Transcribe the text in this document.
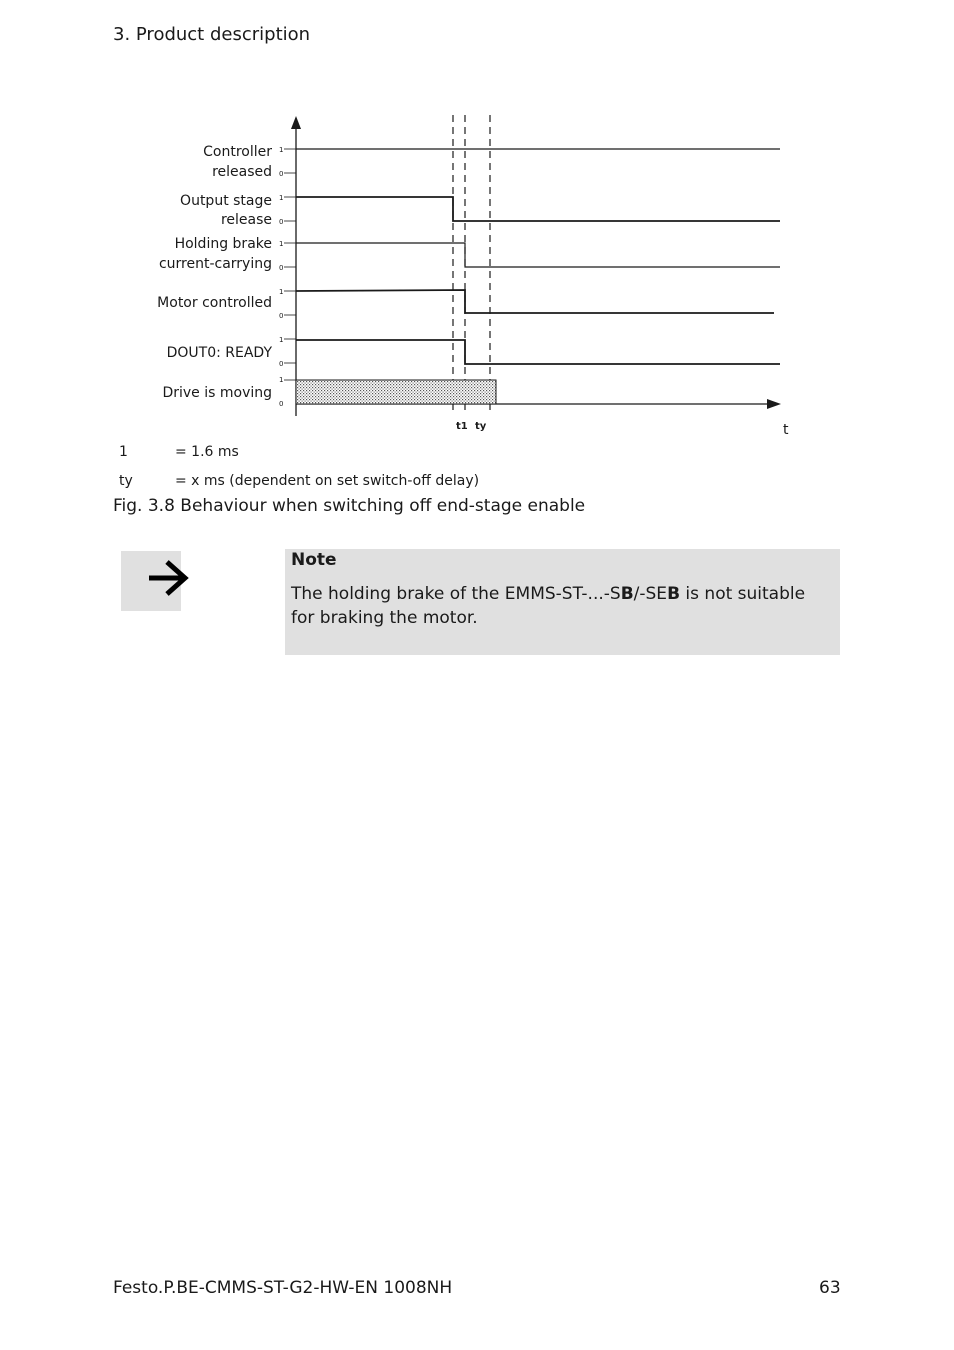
3. Product description
Controller
released
1
0
Output stage
release
1
0
Holding brake
current-carrying
1
0
Motor controlled
1
0
DOUT0: READY
1
0
Drive is moving
1
0
t1 ty	t
1	= 1.6 ms
ty	= x ms (dependent on set switch-off delay)
Fig. 3.8 Behaviour when switching off end-stage enable
Note
The holding brake of the EMMS-ST-...-SB/-SEB is not suitable for braking the motor.
Festo.P.BE-CMMS-ST-G2-HW-EN 1008NH	63
